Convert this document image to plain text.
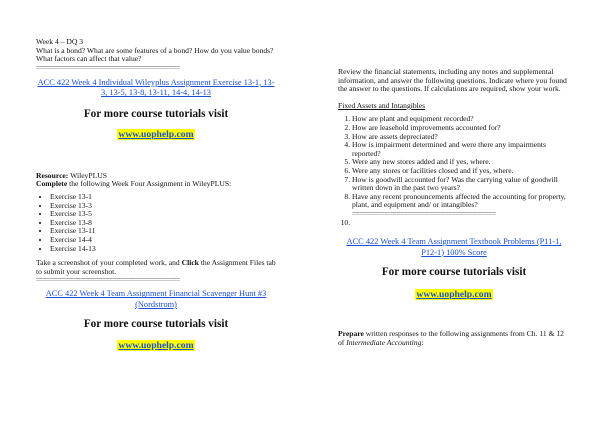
Week 4 – DQ 3

What is a bond? What are some features of a bond? How do you value bonds? What factors can affect that value?

=======================================
ACC 422 Week 4 Individual Wileyplus Assignment Exercise 13-1, 13-3, 13-5, 13-8, 13-11, 14-4, 14-13

For more course tutorials visit

www.uophelp.com

Resource: WileyPLUS

Complete the following Week Four Assignment in WileyPLUS:

• Exercise 13-1
• Exercise 13-3
• Exercise 13-5
• Exercise 13-8
• Exercise 13-11
• Exercise 14-4
• Exercise 14-13

Take a screenshot of your completed work, and Click the Assignment Files tab to submit your screenshot.

=======================================
ACC 422 Week 4 Team Assignment Financial Scavenger Hunt #3 (Nordstrom)

For more course tutorials visit

www.uophelp.com

Review the financial statements, including any notes and supplemental information, and answer the following questions. Indicate where you found the answer to the questions. If calculations are required, show your work.

Fixed Assets and Intangibles

1. How are plant and equipment recorded?
2. How are leasehold improvements accounted for?
3. How are assets depreciated?
4. How is impairment determined and were there any impairments reported?
5. Were any new stores added and if yes, where.
6. Were any stores or facilities closed and if yes, where.
7. How is goodwill accounted for? Was the carrying value of goodwill written down in the past two years?
8. Have any recent pronouncements affected the accounting for property, plant, and equipment and/ or intangibles?
9. =======================================
10.
ACC 422 Week 4 Team Assignment Textbook Problems (P11-1, P12-1) 100% Score

For more course tutorials visit

www.uophelp.com

Prepare written responses to the following assignments from Ch. 11 & 12 of Intermediate Accounting:
